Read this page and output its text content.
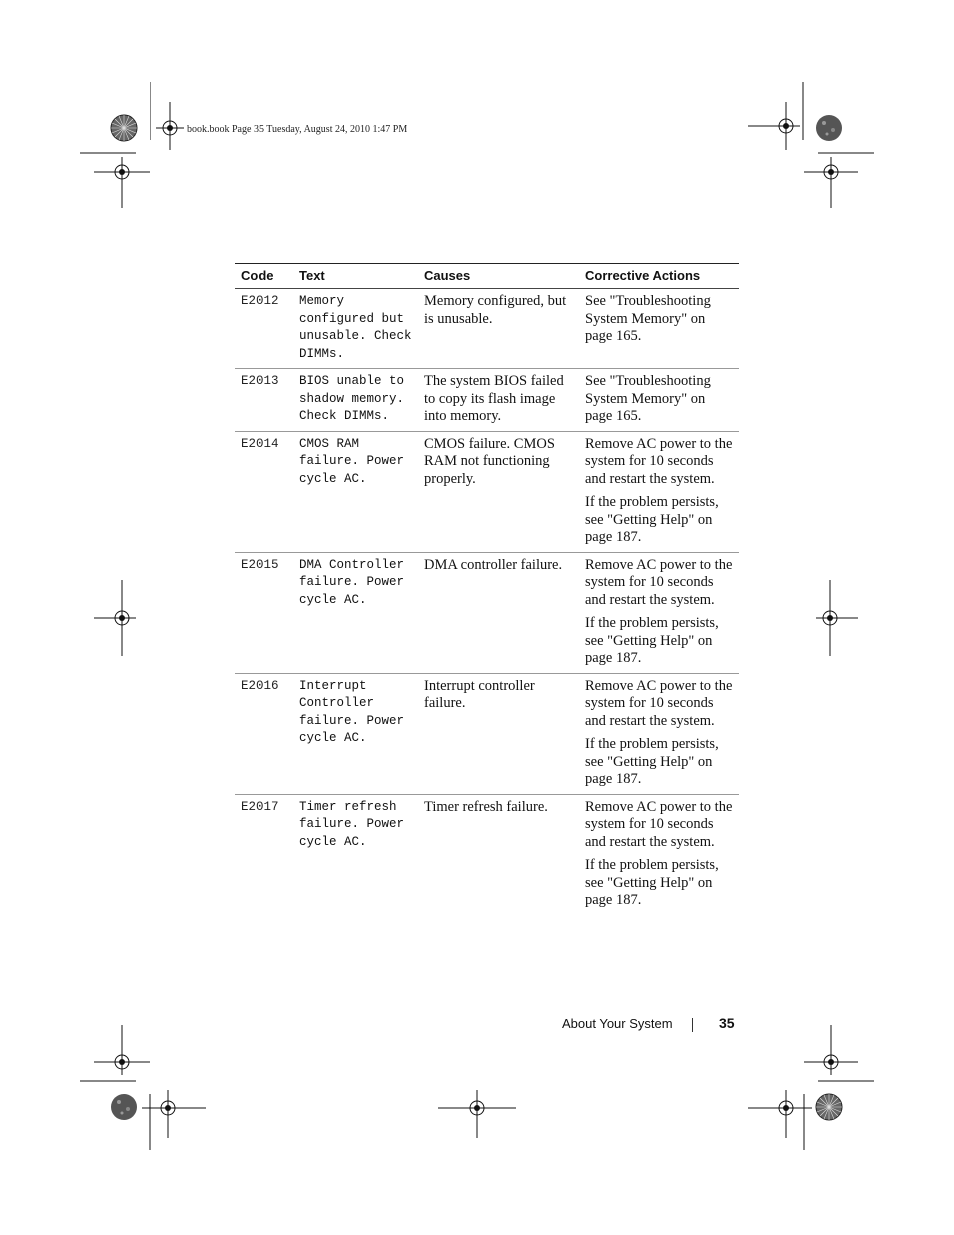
book.book Page 35 Tuesday, August 24, 2010 1:47 PM
Code	Text	Causes	Corrective Actions
E2012	Memory configured but unusable. Check DIMMs.	Memory configured, but is unusable.	See "Troubleshooting System Memory" on page 165.

E2013	BIOS unable to shadow memory. Check DIMMs.	The system BIOS failed to copy its flash image into memory.	See "Troubleshooting System Memory" on page 165.

E2014	CMOS RAM failure. Power cycle AC.	CMOS failure. CMOS RAM not functioning properly.	Remove AC power to the system for 10 seconds and restart the system.

If the problem persists, see "Getting Help" on page 187.

E2015	DMA Controller failure. Power cycle AC.	DMA controller failure.	Remove AC power to the system for 10 seconds and restart the system.

If the problem persists, see "Getting Help" on page 187.

E2016	Interrupt Controller failure. Power cycle AC.	Interrupt controller failure.	Remove AC power to the system for 10 seconds and restart the system.

If the problem persists, see "Getting Help" on page 187.

E2017	Timer refresh failure. Power cycle AC.	Timer refresh failure.	Remove AC power to the system for 10 seconds and restart the system.

If the problem persists, see "Getting Help" on page 187.

About Your System	35
